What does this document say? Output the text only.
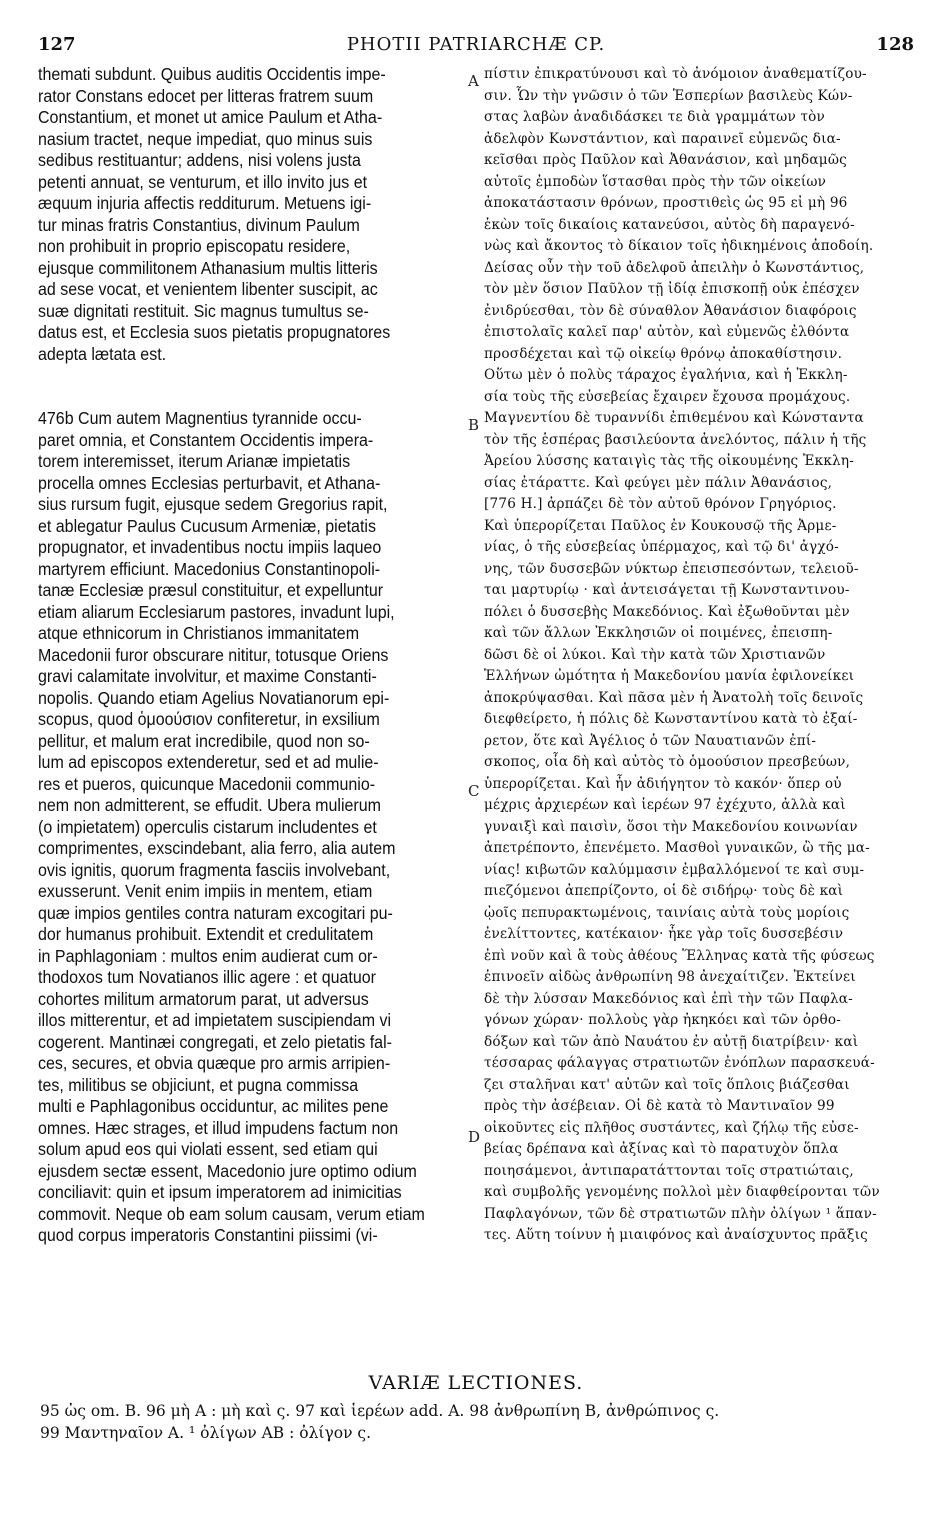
127	PHOTII PATRIARCHÆ CP.	128
themati subdunt. Quibus auditis Occidentis impe-
rator Constans edocet per litteras fratrem suum
Constantium, et monet ut amice Paulum et Atha-
nasium tractet, neque impediat, quo minus suis
sedibus restituantur; addens, nisi volens justa
petenti annuat, se venturum, et illo invito jus et
æquum injuria affectis redditurum. Metuens igi-
tur minas fratris Constantius, divinum Paulum
non prohibuit in proprio episcopatu residere,
ejusque commilitonem Athanasium multis litteris
ad sese vocat, et venientem libenter suscipit, ac
suæ dignitati restituit. Sic magnus tumultus se-
datus est, et Ecclesia suos pietatis propugnatores
adepta lætata est.
476b Cum autem Magnentius tyrannide occu-
paret omnia, et Constantem Occidentis impera-
torem interemisset, iterum Arianæ impietatis
procella omnes Ecclesias perturbavit, et Athana-
sius rursum fugit, ejusque sedem Gregorius rapit,
et ablegatur Paulus Cucusum Armeniæ, pietatis
propugnator, et invadentibus noctu impiis laqueo
martyrem efficiunt. Macedonius Constantinopoli-
tanæ Ecclesiæ præsul constituitur, et expelluntur
etiam aliarum Ecclesiarum pastores, invadunt lupi,
atque ethnicorum in Christianos immanitatem
Macedonii furor obscurare nititur, totusque Oriens
gravi calamitate involvitur, et maxime Constanti-
nopolis. Quando etiam Agelius Novatianorum epi-
scopus, quod ὁμοούσιον confiteretur, in exsilium
pellitur, et malum erat incredibile, quod non so-
lum ad episcopos extenderetur, sed et ad mulie-
res et pueros, quicunque Macedonii communio-
nem non admitterent, se effudit. Ubera mulierum
(o impietatem) operculis cistarum includentes et
comprimentes, exscindebant, alia ferro, alia autem
ovis ignitis, quorum fragmenta fasciis involvebant,
exusserunt. Venit enim impiis in mentem, etiam
quæ impios gentiles contra naturam excogitari pu-
dor humanus prohibuit. Extendit et credulitatem
in Paphlagoniam : multos enim audierat cum or-
thodoxos tum Novatianos illic agere : et quatuor
cohortes militum armatorum parat, ut adversus
illos mitterentur, et ad impietatem suscipiendam vi
cogerent. Mantinæi congregati, et zelo pietatis fal-
ces, secures, et obvia quæque pro armis arripien-
tes, militibus se objiciunt, et pugna commissa
multi e Paphlagonibus occiduntur, ac milites pene
omnes. Hæc strages, et illud impudens factum non
solum apud eos qui violati essent, sed etiam qui
ejusdem sectæ essent, Macedonio jure optimo odium
conciliavit: quin et ipsum imperatorem ad inimicitias
commovit. Neque ob eam solum causam, verum etiam
quod corpus imperatoris Constantini piissimi (vi-
πίστιν ἐπικρατύνουσι καὶ τὸ ἀνόμοιον ἀναθεματίζου-
σιν. Ὧν τὴν γνῶσιν ὁ τῶν Ἑσπερίων βασιλεὺς Κών-
στας λαβὼν ἀναδιδάσκει τε διὰ γραμμάτων τὸν
ἀδελφὸν Κωνστάντιον, καὶ παραινεῖ εὐμενῶς δια-
κεῖσθαι πρὸς Παῦλον καὶ Ἀθανάσιον, καὶ μηδαμῶς
αὐτοῖς ἐμποδὼν ἵστασθαι πρὸς τὴν τῶν οἰκείων
ἀποκατάστασιν θρόνων, προστιθεὶς ὡς 95 εἰ μὴ 96
ἑκὼν τοῖς δικαίοις κατανεύσοι, αὐτὸς δὴ παραγενό-
νὼς καὶ ἄκοντος τὸ δίκαιον τοῖς ἠδικημένοις ἀποδοίη.
Δείσας οὖν τὴν τοῦ ἀδελφοῦ ἀπειλὴν ὁ Κωνστάντιος,
τὸν μὲν ὅσιον Παῦλον τῇ ἰδίᾳ ἐπισκοπῇ οὐκ ἐπέσχεν
ἐνιδρύεσθαι, τὸν δὲ σύναθλον Ἀθανάσιον διαφόροις
ἐπιστολαῖς καλεῖ παρ' αὐτὸν, καὶ εὐμενῶς ἐλθόντα
προσδέχεται καὶ τῷ οἰκείῳ θρόνῳ ἀποκαθίστησιν.
Οὕτω μὲν ὁ πολὺς τάραχος ἐγαλήνια, καὶ ἡ Ἐκκλη-
σία τοὺς τῆς εὐσεβείας ἔχαιρεν ἔχουσα προμάχους.
Μαγνεντίου δὲ τυραννίδι ἐπιθεμένου καὶ Κώνσταντα
τὸν τῆς ἑσπέρας βασιλεύοντα ἀνελόντος, πάλιν ἡ τῆς
Ἀρείου λύσσης καταιγὶς τὰς τῆς οἰκουμένης Ἐκκλη-
σίας ἐτάραττε. Καὶ φεύγει μὲν πάλιν Ἀθανάσιος,
[776 H.] ἁρπάζει δὲ τὸν αὐτοῦ θρόνον Γρηγόριος.
Καὶ ὑπερορίζεται Παῦλος ἐν Κουκουσῷ τῆς Ἀρμε-
νίας, ὁ τῆς εὐσεβείας ὑπέρμαχος, καὶ τῷ δι' ἀγχό-
νης, τῶν δυσσεβῶν νύκτωρ ἐπεισπεσόντων, τελειοῦ-
ται μαρτυρίῳ · καὶ ἀντεισάγεται τῇ Κωνσταντινου-
πόλει ὁ δυσσεβὴς Μακεδόνιος. Καὶ ἐξωθοῦνται μὲν
καὶ τῶν ἄλλων Ἐκκλησιῶν οἱ ποιμένες, ἐπεισπη-
δῶσι δὲ οἱ λύκοι. Καὶ τὴν κατὰ τῶν Χριστιανῶν
Ἑλλήνων ὠμότητα ἡ Μακεδονίου μανία ἐφιλονείκει
ἀποκρύψασθαι. Καὶ πᾶσα μὲν ἡ Ἀνατολὴ τοῖς δεινοῖς
διεφθείρετο, ἡ πόλις δὲ Κωνσταντίνου κατὰ τὸ ἐξαί-
ρετον, ὅτε καὶ Ἀγέλιος ὁ τῶν Ναυατιανῶν ἐπί-
σκοπος, οἷα δὴ καὶ αὐτὸς τὸ ὁμοούσιον πρεσβεύων,
ὑπερορίζεται. Καὶ ἦν ἀδιήγητον τὸ κακόν· ὅπερ οὐ
μέχρις ἀρχιερέων καὶ ἱερέων 97 ἐχέχυτο, ἀλλὰ καὶ
γυναιξὶ καὶ παισὶν, ὅσοι τὴν Μακεδονίου κοινωνίαν
ἀπετρέποντο, ἐπενέμετο. Μασθοὶ γυναικῶν, ὢ τῆς μα-
νίας! κιβωτῶν καλύμμασιν ἐμβαλλόμενοί τε καὶ συμ-
πιεζόμενοι ἀπεπρίζοντο, οἱ δὲ σιδήρῳ· τοὺς δὲ καὶ
ᾠοῖς πεπυρακτωμένοις, ταινίαις αὐτὰ τοὺς μορίοις
ἐνελίττοντες, κατέκαιον· ἧκε γὰρ τοῖς δυσσεβέσιν
ἐπὶ νοῦν καὶ ἃ τοὺς ἀθέους Ἕλληνας κατὰ τῆς φύσεως
ἐπινοεῖν αἰδὼς ἀνθρωπίνη 98 ἀνεχαίτιζεν. Ἐκτείνει
δὲ τὴν λύσσαν Μακεδόνιος καὶ ἐπὶ τὴν τῶν Παφλα-
γόνων χώραν· πολλοὺς γὰρ ἠκηκόει καὶ τῶν ὀρθο-
δόξων καὶ τῶν ἀπὸ Ναυάτου ἐν αὐτῇ διατρίβειν· καὶ
τέσσαρας φάλαγγας στρατιωτῶν ἐνόπλων παρασκευά-
ζει σταλῆναι κατ' αὐτῶν καὶ τοῖς ὅπλοις βιάζεσθαι
πρὸς τὴν ἀσέβειαν. Οἱ δὲ κατὰ τὸ Μαντιναῖον 99
οἰκοῦντες εἰς πλῆθος συστάντες, καὶ ζήλῳ τῆς εὐσε-
βείας δρέπανα καὶ ἀξίνας καὶ τὸ παρατυχὸν ὅπλα
ποιησάμενοι, ἀντιπαρατάττονται τοῖς στρατιώταις,
καὶ συμβολῆς γενομένης πολλοὶ μὲν διαφθείρονται τῶν
Παφλαγόνων, τῶν δὲ στρατιωτῶν πλὴν ὀλίγων ¹ ἅπαν-
τες. Αὕτη τοίνυν ἡ μιαιφόνος καὶ ἀναίσχυντος πρᾶξις
A
B
C
D
VARIÆ LECTIONES.
95 ὡς om. B. 96 μὴ A : μὴ καὶ ς. 97 καὶ ἱερέων add. A. 98 ἀνθρωπίνη B, ἀνθρώπινος ς.
99 Μαντηναῖον A. ¹ ὀλίγων AB : ὀλίγον ς.
